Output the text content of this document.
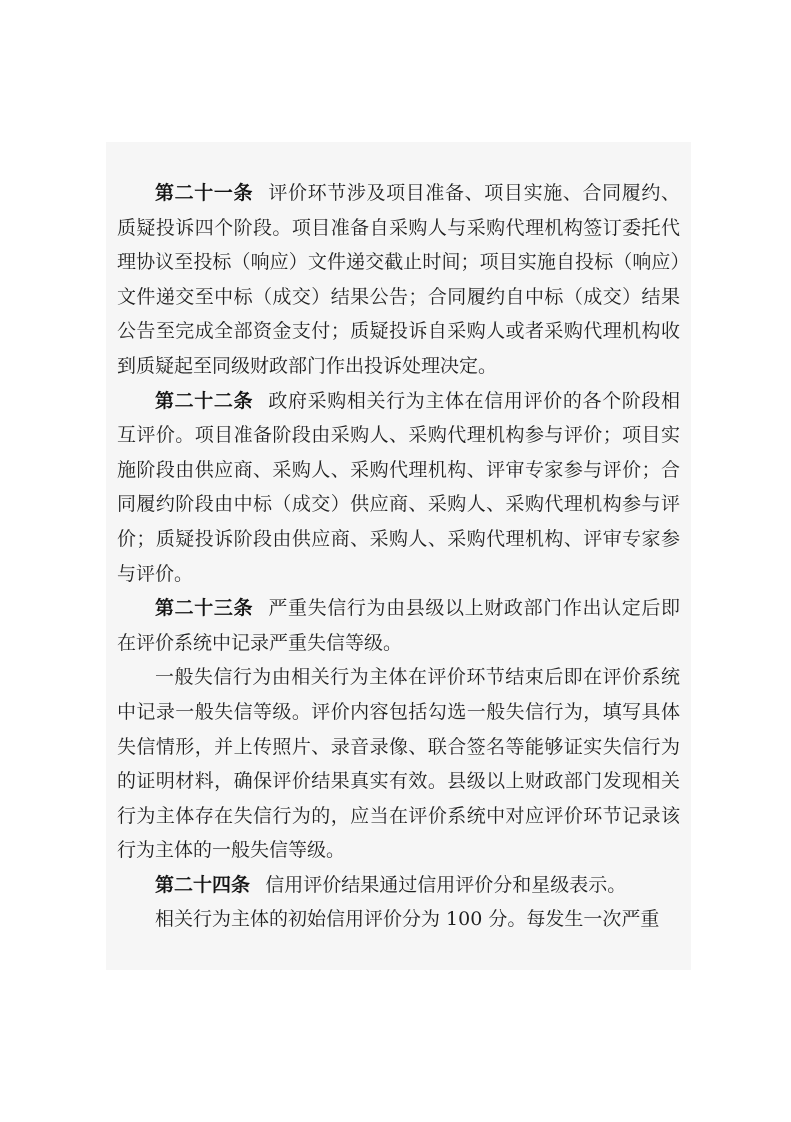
第二十一条 评价环节涉及项目准备、项目实施、合同履约、质疑投诉四个阶段。项目准备自采购人与采购代理机构签订委托代理协议至投标（响应）文件递交截止时间；项目实施自投标（响应）文件递交至中标（成交）结果公告；合同履约自中标（成交）结果公告至完成全部资金支付；质疑投诉自采购人或者采购代理机构收到质疑起至同级财政部门作出投诉处理决定。

第二十二条 政府采购相关行为主体在信用评价的各个阶段相互评价。项目准备阶段由采购人、采购代理机构参与评价；项目实施阶段由供应商、采购人、采购代理机构、评审专家参与评价；合同履约阶段由中标（成交）供应商、采购人、采购代理机构参与评价；质疑投诉阶段由供应商、采购人、采购代理机构、评审专家参与评价。

第二十三条 严重失信行为由县级以上财政部门作出认定后即在评价系统中记录严重失信等级。

一般失信行为由相关行为主体在评价环节结束后即在评价系统中记录一般失信等级。评价内容包括勾选一般失信行为，填写具体失信情形，并上传照片、录音录像、联合签名等能够证实失信行为的证明材料，确保评价结果真实有效。县级以上财政部门发现相关行为主体存在失信行为的，应当在评价系统中对应评价环节记录该行为主体的一般失信等级。

第二十四条 信用评价结果通过信用评价分和星级表示。

相关行为主体的初始信用评价分为 100 分。每发生一次严重
